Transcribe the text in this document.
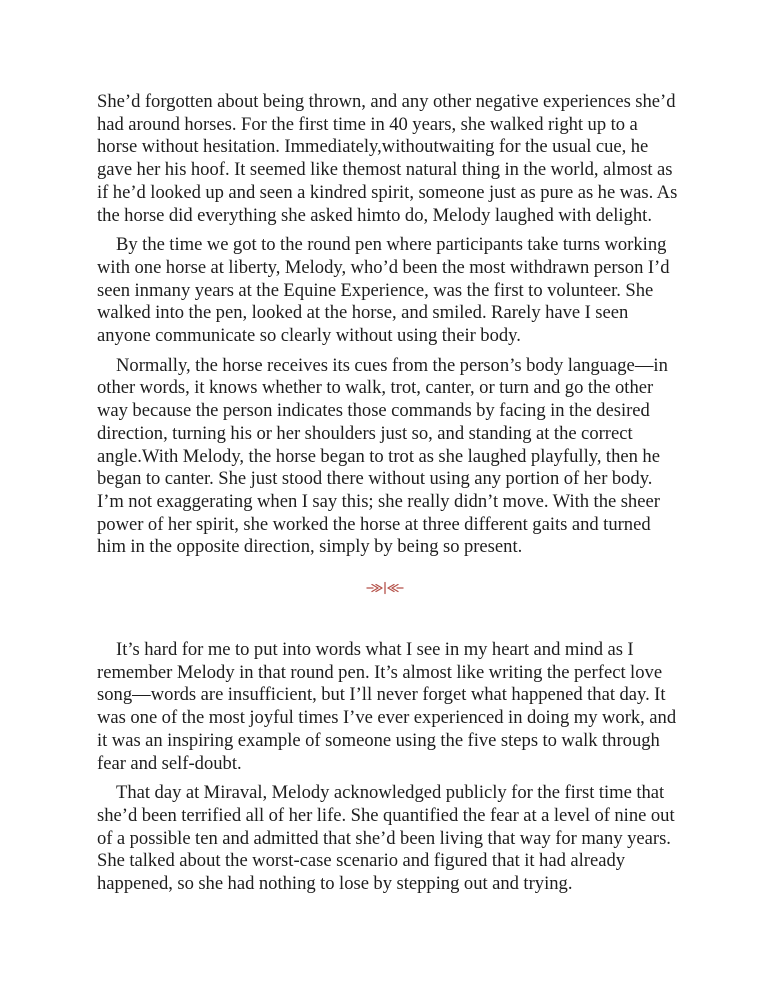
She’d forgotten about being thrown, and any other negative experiences she’d had around horses. For the first time in 40 years, she walked right up to a horse without hesitation. Immediately,withoutwaiting for the usual cue, he gave her his hoof. It seemed like themost natural thing in the world, almost as if he’d looked up and seen a kindred spirit, someone just as pure as he was. As the horse did everything she asked himto do, Melody laughed with delight.

By the time we got to the round pen where participants take turns working with one horse at liberty, Melody, who’d been the most withdrawn person I’d seen inmany years at the Equine Experience, was the first to volunteer. She walked into the pen, looked at the horse, and smiled. Rarely have I seen anyone communicate so clearly without using their body.

Normally, the horse receives its cues from the person’s body language—in other words, it knows whether to walk, trot, canter, or turn and go the other way because the person indicates those commands by facing in the desired direction, turning his or her shoulders just so, and standing at the correct angle.With Melody, the horse began to trot as she laughed playfully, then he began to canter. She just stood there without using any portion of her body. I’m not exaggerating when I say this; she really didn’t move. With the sheer power of her spirit, she worked the horse at three different gaits and turned him in the opposite direction, simply by being so present.

It’s hard for me to put into words what I see in my heart and mind as I remember Melody in that round pen. It’s almost like writing the perfect love song—words are insufficient, but I’ll never forget what happened that day. It was one of the most joyful times I’ve ever experienced in doing my work, and it was an inspiring example of someone using the five steps to walk through fear and self-doubt.

That day at Miraval, Melody acknowledged publicly for the first time that she’d been terrified all of her life. She quantified the fear at a level of nine out of a possible ten and admitted that she’d been living that way for many years. She talked about the worst-case scenario and figured that it had already happened, so she had nothing to lose by stepping out and trying.
